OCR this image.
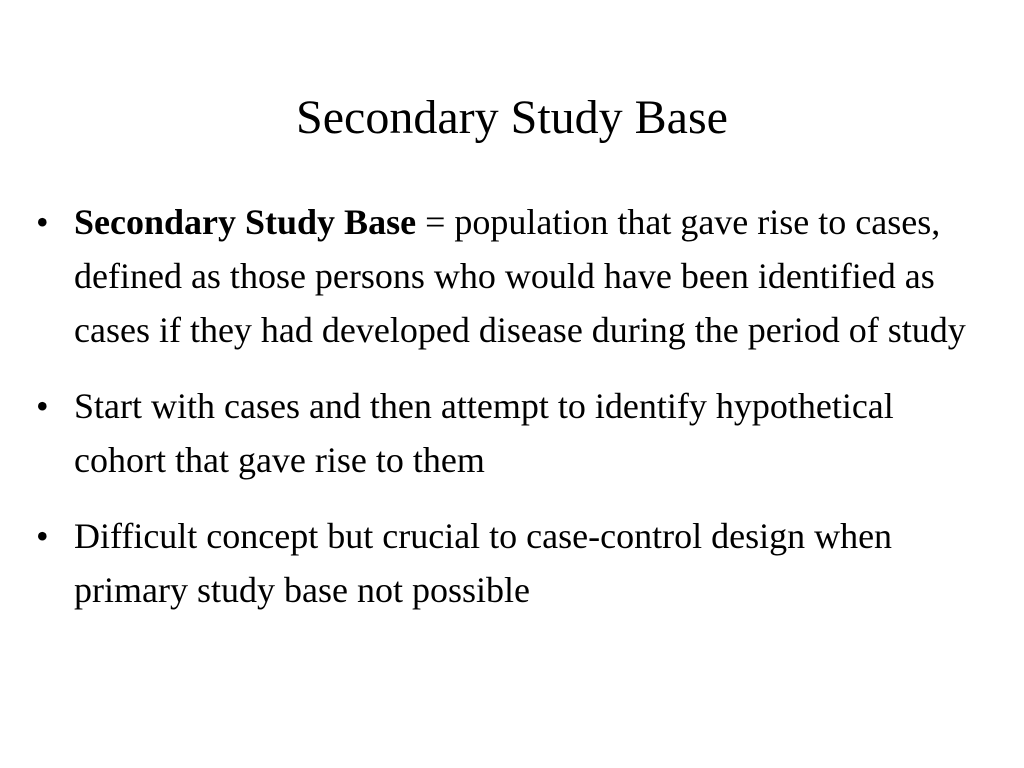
Secondary Study Base
• Secondary Study Base = population that gave rise to cases, defined as those persons who would have been identified as cases if they had developed disease during the period of study
• Start with cases and then attempt to identify hypothetical cohort that gave rise to them
• Difficult concept but crucial to case-control design when primary study base not possible
